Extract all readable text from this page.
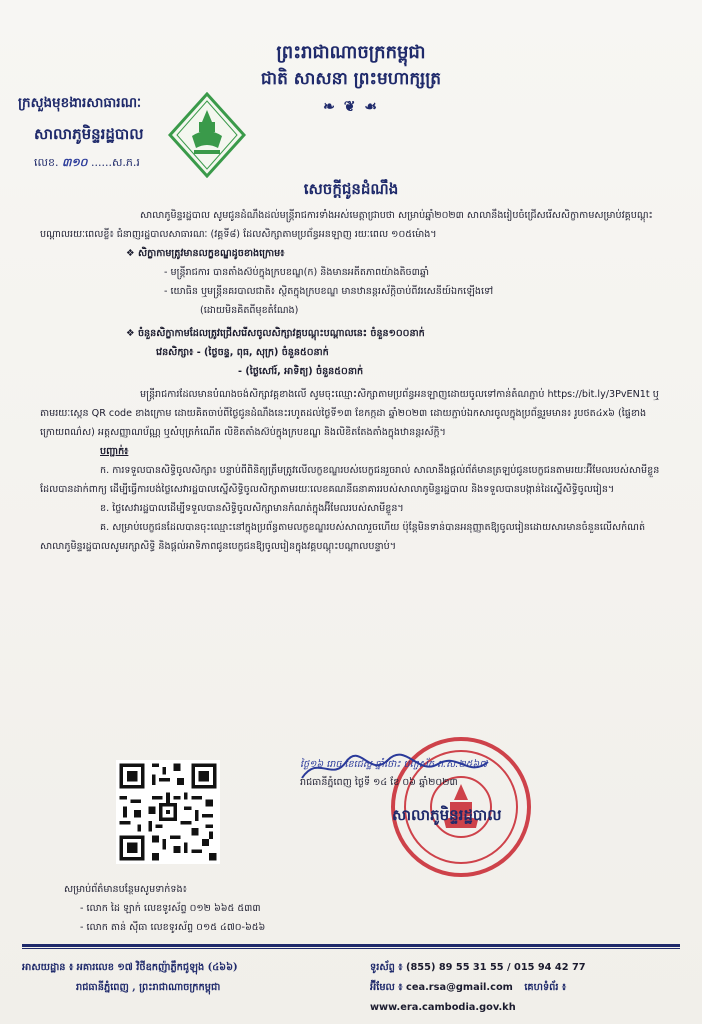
ព្រះរាជាណាចក្រកម្ពុជា
ជាតិ សាសនា ព្រះមហាក្សត្រ
❧ ❦ ☙
ក្រសួងមុខងារសាធារណៈ
សាលាភូមិន្ទរដ្ឋបាល
លេខ. ៣១០ ......ស.ភ.រ
សេចក្តីជូនដំណឹង

សាលាភូមិន្ទរដ្ឋបាល សូមជូនដំណឹងដល់មន្ត្រីរាជការទាំងអស់មេត្តាជ្រាបថា សម្រាប់ឆ្នាំ២០២៣ សាលានឹងរៀបចំជ្រើសរើសសិក្ខាកាមសម្រាប់វគ្គបណ្តុះបណ្តាលរយៈពេលខ្លី៖ ជំនាញរដ្ឋបាលសាធារណៈ (វគ្គទី៨) ដែលសិក្សាតាមប្រព័ន្ធអនឡាញ រយៈពេល ១០៥ម៉ោង។

❖ សិក្ខាកាមត្រូវមានលក្ខខណ្ឌដូចខាងក្រោម៖

- មន្ត្រីរាជការ បានតាំងស៊ប់ក្នុងក្របខណ្ឌ(ក) និងមានអតីតភាពយ៉ាងតិច៣ឆ្នាំ

- យោធិន ឬមន្ត្រីនគរបាលជាតិ៖ ស្ថិតក្នុងក្របខណ្ឌ មានឋានន្តរស័ក្តិចាប់ពីវរសេនីយ៍ឯកឡើងទៅ

(ដោយមិនគិតពីមុខតំណែង)

❖ ចំនួនសិក្ខាកាមដែលត្រូវជ្រើសរើសចូលសិក្សាវគ្គបណ្តុះបណ្តាលនេះ ចំនួន១០០នាក់

វេនសិក្សា៖ - (ថ្ងៃចន្ទ, ពុធ, សុក្រ) ចំនួន៥០នាក់

- (ថ្ងៃសៅរ៍, អាទិត្យ) ចំនួន៥០នាក់

មន្ត្រីរាជការដែលមានបំណងចង់សិក្សាវគ្គខាងលើ សូមចុះឈ្មោះសិក្សាតាមប្រព័ន្ធអនឡាញដោយចូលទៅកាន់តំណភ្ជាប់ https://bit.ly/3PvEN1t ឬតាមរយៈស្កេន QR code ខាងក្រោម ដោយគិតចាប់ពីថ្ងៃជូនដំណឹងនេះរហូតដល់ថ្ងៃទី១៣ ខែកក្កដា ឆ្នាំ២០២៣ ដោយភ្ជាប់ឯកសារចូលក្នុងប្រព័ន្ធរួមមាន៖ រូបថត៤x៦ (ផ្ទៃខាងក្រោយពណ៌ស) អត្តសញ្ញាណប័ណ្ណ ឬសំបុត្រកំណើត លិខិតតាំងស៊ប់ក្នុងក្របខណ្ឌ និងលិខិតតែងតាំងក្នុងឋានន្តរស័ក្តិ។

បញ្ជាក់៖

ក. ការទទួលបានសិទ្ធិចូលសិក្សា៖ បន្ទាប់ពីពិនិត្យត្រឹមត្រូវលើលក្ខខណ្ឌរបស់បេក្ខជនរួចរាល់ សាលានឹងផ្តល់ព័ត៌មានត្រឡប់ជូនបេក្ខជនតាមរយៈអ៊ីមែលរបស់សាមីខ្លួនដែលបានដាក់ពាក្យ ដើម្បីធ្វើការបង់ថ្លៃសេវារដ្ឋបាលស្នើសិទ្ធិចូលសិក្សាតាមរយៈលេខគណនីធនាគាររបស់សាលាភូមិន្ទរដ្ឋបាល និងទទួលបានបង្កាន់ដៃស្នើសិទ្ធិចូលរៀន។

ខ. ថ្លៃសេវារដ្ឋបាលដើម្បីទទួលបានសិទ្ធិចូលសិក្សាមានកំណត់ក្នុងអ៊ីមែលរបស់សាមីខ្លួន។

គ. សម្រាប់បេក្ខជនដែលបានចុះឈ្មោះនៅក្នុងប្រព័ន្ធតាមលក្ខខណ្ឌរបស់សាលារួចហើយ ប៉ុន្តែមិនទាន់បានអនុញ្ញាតឱ្យចូលរៀនដោយសារមានចំនួនលើសកំណត់ សាលាភូមិន្ទរដ្ឋបាលសូមរក្សាសិទ្ធិ និងផ្តល់អាទិភាពជូនបេក្ខជនឱ្យចូលរៀនក្នុងវគ្គបណ្តុះបណ្តាលបន្ទាប់។

ថ្ងៃ១៦ រោច ខែជេស្ឋ ឆ្នាំថោះ បញ្ចស័ក ព.ស.២៥៦៧
រាជធានីភ្នំពេញ ថ្ងៃទី ១៤ ខែ ០៦ ឆ្នាំ២០២៣
សាលាភូមិន្ទរដ្ឋបាល
សម្រាប់ព័ត៌មានបន្ថែមសូមទាក់ទង៖
- លោក ដៃ ឡាក់ លេខទូរស័ព្ទ ០១២ ៦៦៥ ៥៣៣
- លោក តាន់ ស៊ីធា លេខទូរស័ព្ទ ០១៥ ៤៧០-៦៥៦
អាសយដ្ឋាន ៖ អគារលេខ ១៧ វិថីឧកញ៉ាភ្លឹកជូឡុង (៤៦៦)
រាជធានីភ្នំពេញ , ព្រះរាជាណាចក្រកម្ពុជា
ទូរស័ព្ទ ៖ (855) 89 55 31 55 / 015 94 42 77
អ៊ីមែល ៖ cea.rsa@gmail.com គេហទំព័រ ៖ www.era.cambodia.gov.kh
